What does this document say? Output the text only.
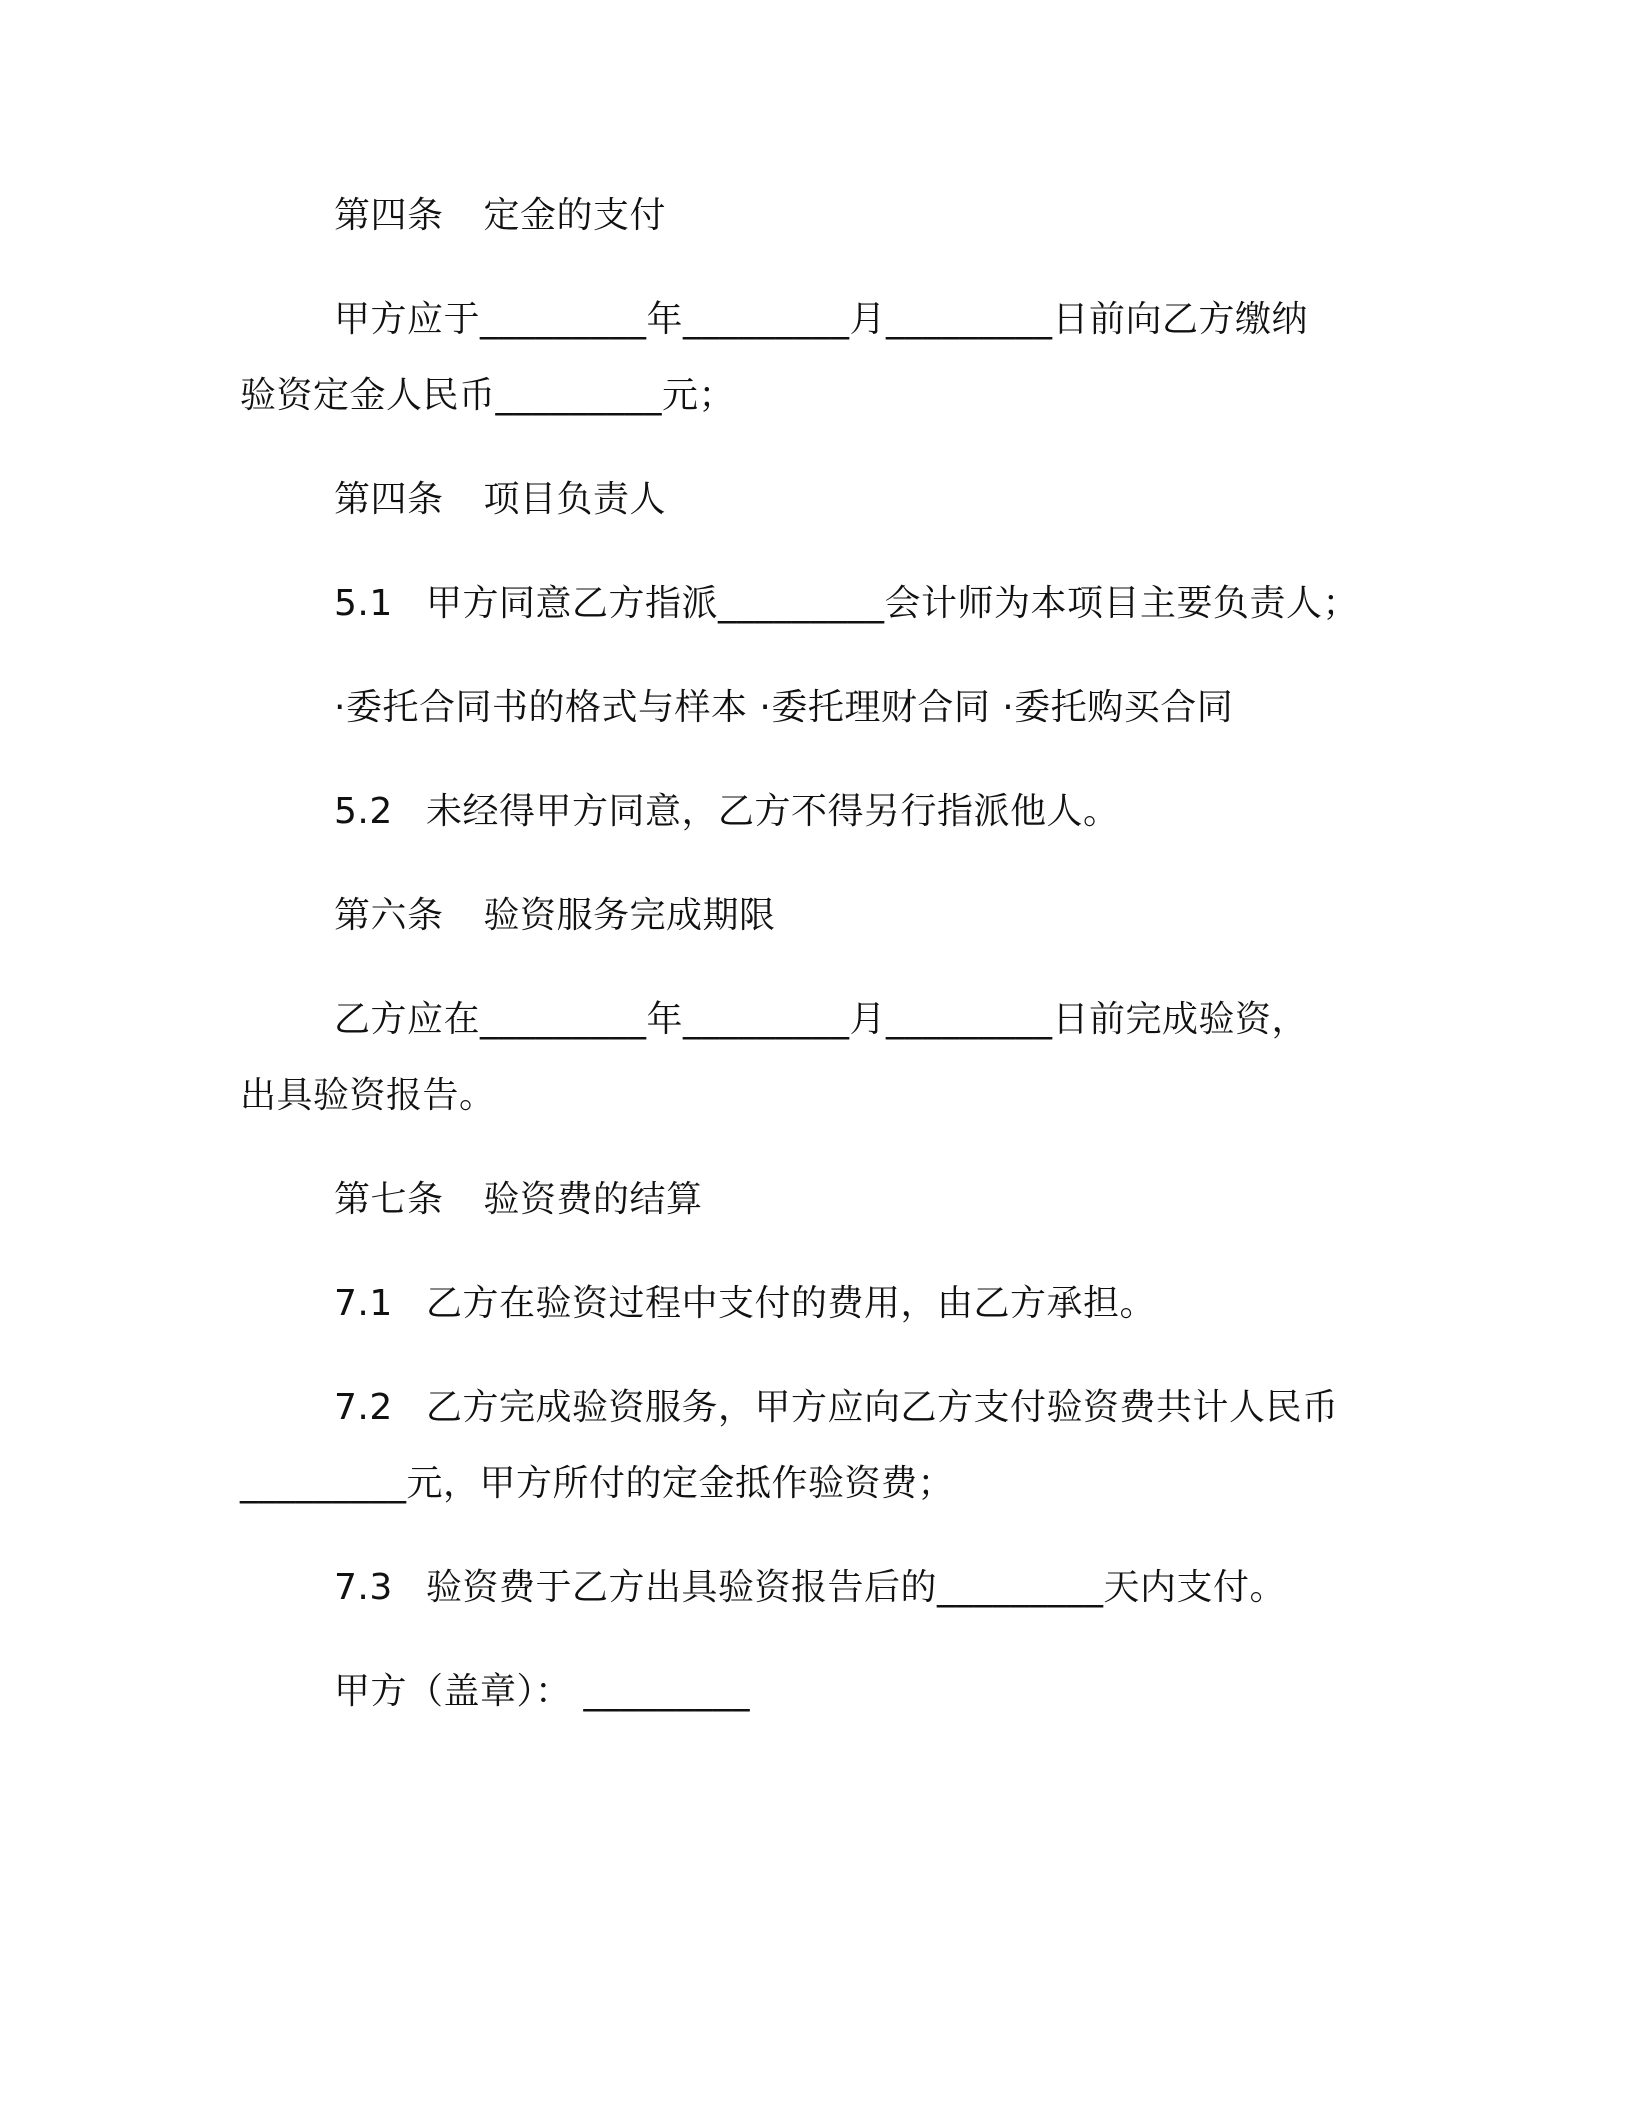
第四条 定金的支付
甲方应于_________年_________月_________日前向乙方缴纳
验资定金人民币_________元；
第四条 项目负责人
5.1 甲方同意乙方指派_________会计师为本项目主要负责人；
·委托合同书的格式与样本 ·委托理财合同 ·委托购买合同
5.2 未经得甲方同意，乙方不得另行指派他人。
第六条 验资服务完成期限
乙方应在_________年_________月_________日前完成验资，
出具验资报告。
第七条 验资费的结算
7.1 乙方在验资过程中支付的费用，由乙方承担。
7.2 乙方完成验资服务，甲方应向乙方支付验资费共计人民币
_________元，甲方所付的定金抵作验资费；
7.3 验资费于乙方出具验资报告后的_________天内支付。
甲方（盖章）： _________
